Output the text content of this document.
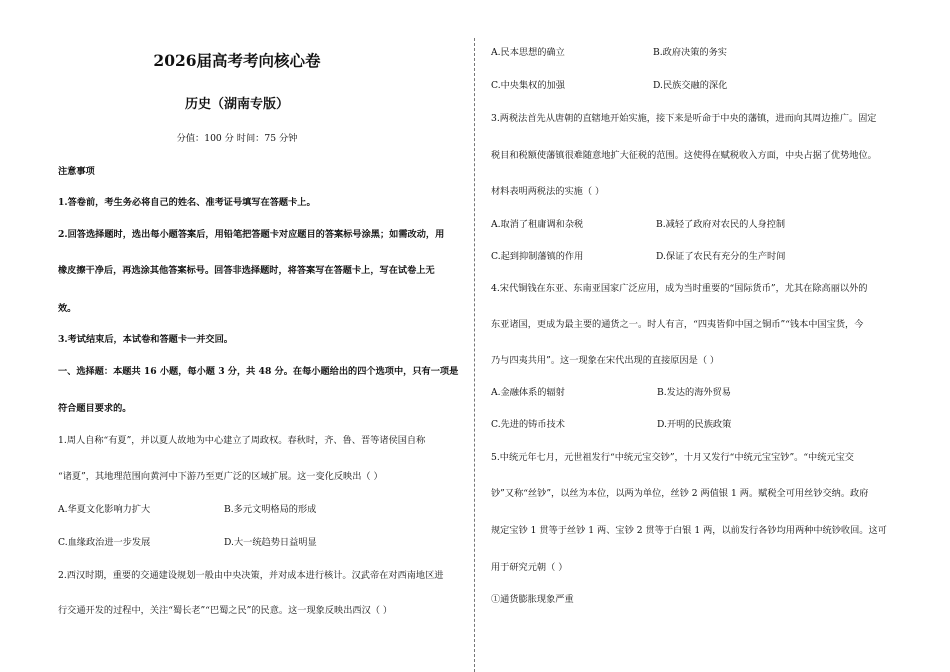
2026届高考考向核心卷
历史（湖南专版）
分值：100 分 时间：75 分钟
注意事项
1.答卷前，考生务必将自己的姓名、准考证号填写在答题卡上。
2.回答选择题时，选出每小题答案后，用铅笔把答题卡对应题目的答案标号涂黑；如需改动，用
橡皮擦干净后，再选涂其他答案标号。回答非选择题时，将答案写在答题卡上，写在试卷上无
效。
3.考试结束后，本试卷和答题卡一并交回。
一、选择题：本题共 16 小题，每小题 3 分，共 48 分。在每小题给出的四个选项中，只有一项是
符合题目要求的。
1.周人自称“有夏”，并以夏人故地为中心建立了周政权。春秋时，齐、鲁、晋等诸侯国自称
“诸夏”，其地理范围向黄河中下游乃至更广泛的区域扩展。这一变化反映出（ ）
A.华夏文化影响力扩大	B.多元文明格局的形成
C.血缘政治进一步发展	D.大一统趋势日益明显
2.西汉时期，重要的交通建设规划一般由中央决策，并对成本进行核计。汉武帝在对西南地区进
行交通开发的过程中，关注“蜀长老”“巴蜀之民”的民意。这一现象反映出西汉（ ）
A.民本思想的确立	B.政府决策的务实
C.中央集权的加强	D.民族交融的深化
3.两税法首先从唐朝的直辖地开始实施，接下来是听命于中央的藩镇，进而向其周边推广。固定
税目和税额使藩镇很难随意地扩大征税的范围。这使得在赋税收入方面，中央占据了优势地位。
材料表明两税法的实施（ ）
A.取消了租庸调和杂税	B.减轻了政府对农民的人身控制
C.起到抑制藩镇的作用	D.保证了农民有充分的生产时间
4.宋代铜钱在东亚、东南亚国家广泛应用，成为当时重要的“国际货币”，尤其在除高丽以外的
东亚诸国，更成为最主要的通货之一。时人有言，“四夷皆仰中国之铜币”“钱本中国宝货，今
乃与四夷共用”。这一现象在宋代出现的直接原因是（ ）
A.金融体系的辐射	B.发达的海外贸易
C.先进的铸币技术	D.开明的民族政策
5.中统元年七月，元世祖发行“中统元宝交钞”，十月又发行“中统元宝宝钞”。“中统元宝交
钞”又称“丝钞”，以丝为本位，以两为单位，丝钞 2 两值银 1 两。赋税全可用丝钞交纳。政府
规定宝钞 1 贯等于丝钞 1 两、宝钞 2 贯等于白银 1 两，以前发行各钞均用两种中统钞收回。这可
用于研究元朝（ ）
①通货膨胀现象严重
